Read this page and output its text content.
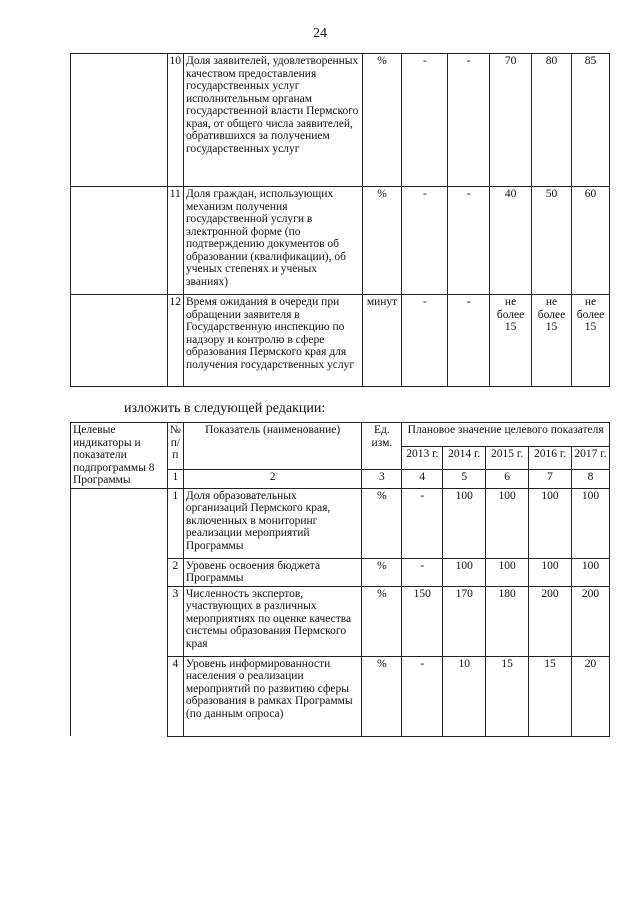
24
	10	Доля заявителей, удовлетворенных качеством предоставления государственных услуг исполнительным органам государственной власти Пермского края, от общего числа заявителей, обратившихся за получением государственных услуг	%	-	-	70	80	85
	11	Доля граждан, использующих механизм получения государственной услуги в электронной форме (по подтверждению документов об образовании (квалификации), об ученых степенях и ученых званиях)	%	-	-	40	50	60
	12	Время ожидания в очереди при обращении заявителя в Государственную инспекцию по надзору и контролю в сфере образования Пермского края для получения государственных услуг	минут	-	-	не более 15	не более 15	не более 15
изложить в следующей редакции:
Целевые индикаторы и показатели подпрограммы 8 Программы	№ п/п	Показатель (наименование)	Ед. изм.	Плановое значение целевого показателя				
				2013 г.	2014 г.	2015 г.	2016 г.	2017 г.
	1	2	3	4	5	6	7	8
	1	Доля образовательных организаций Пермского края, включенных в мониторинг реализации мероприятий Программы	%	-	100	100	100	100
	2	Уровень освоения бюджета Программы	%	-	100	100	100	100
	3	Численность экспертов, участвующих в различных мероприятиях по оценке качества системы образования Пермского края	%	150	170	180	200	200
	4	Уровень информированности населения о реализации мероприятий по развитию сферы образования в рамках Программы (по данным опроса)	%	-	10	15	15	20
